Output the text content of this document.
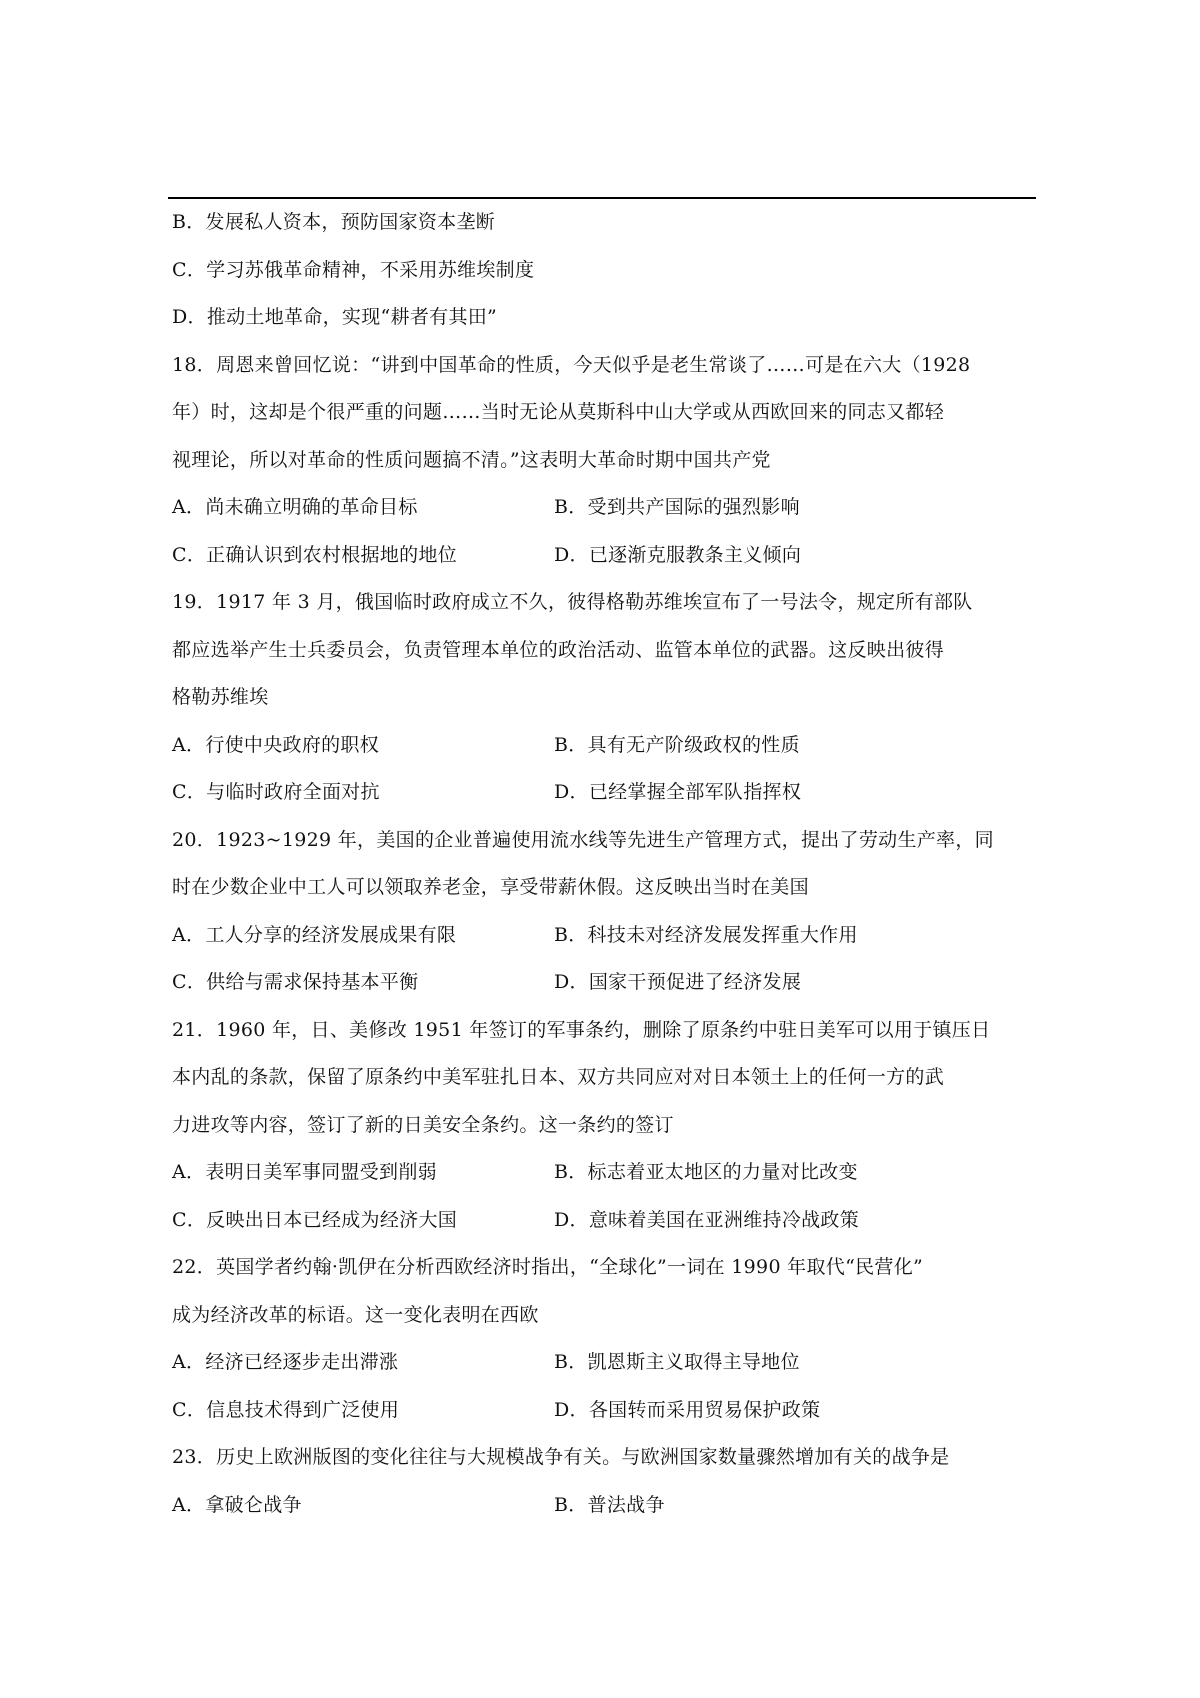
B．发展私人资本，预防国家资本垄断
C．学习苏俄革命精神，不采用苏维埃制度
D．推动土地革命，实现“耕者有其田”
18．周恩来曾回忆说：“讲到中国革命的性质，今天似乎是老生常谈了……可是在六大（1928
年）时，这却是个很严重的问题……当时无论从莫斯科中山大学或从西欧回来的同志又都轻
视理论，所以对革命的性质问题搞不清。”这表明大革命时期中国共产党
A．尚未确立明确的革命目标	B．受到共产国际的强烈影响
C．正确认识到农村根据地的地位	D．已逐渐克服教条主义倾向
19．1917 年 3 月，俄国临时政府成立不久，彼得格勒苏维埃宣布了一号法令，规定所有部队
都应选举产生士兵委员会，负责管理本单位的政治活动、监管本单位的武器。这反映出彼得
格勒苏维埃
A．行使中央政府的职权	B．具有无产阶级政权的性质
C．与临时政府全面对抗	D．已经掌握全部军队指挥权
20．1923~1929 年，美国的企业普遍使用流水线等先进生产管理方式，提出了劳动生产率，同
时在少数企业中工人可以领取养老金，享受带薪休假。这反映出当时在美国
A．工人分享的经济发展成果有限	B．科技未对经济发展发挥重大作用
C．供给与需求保持基本平衡	D．国家干预促进了经济发展
21．1960 年，日、美修改 1951 年签订的军事条约，删除了原条约中驻日美军可以用于镇压日
本内乱的条款，保留了原条约中美军驻扎日本、双方共同应对对日本领土上的任何一方的武
力进攻等内容，签订了新的日美安全条约。这一条约的签订
A．表明日美军事同盟受到削弱	B．标志着亚太地区的力量对比改变
C．反映出日本已经成为经济大国	D．意味着美国在亚洲维持冷战政策
22．英国学者约翰·凯伊在分析西欧经济时指出，“全球化”一词在 1990 年取代“民营化”
成为经济改革的标语。这一变化表明在西欧
A．经济已经逐步走出滞涨	B．凯恩斯主义取得主导地位
C．信息技术得到广泛使用	D．各国转而采用贸易保护政策
23．历史上欧洲版图的变化往往与大规模战争有关。与欧洲国家数量骤然增加有关的战争是
A．拿破仑战争	B．普法战争
